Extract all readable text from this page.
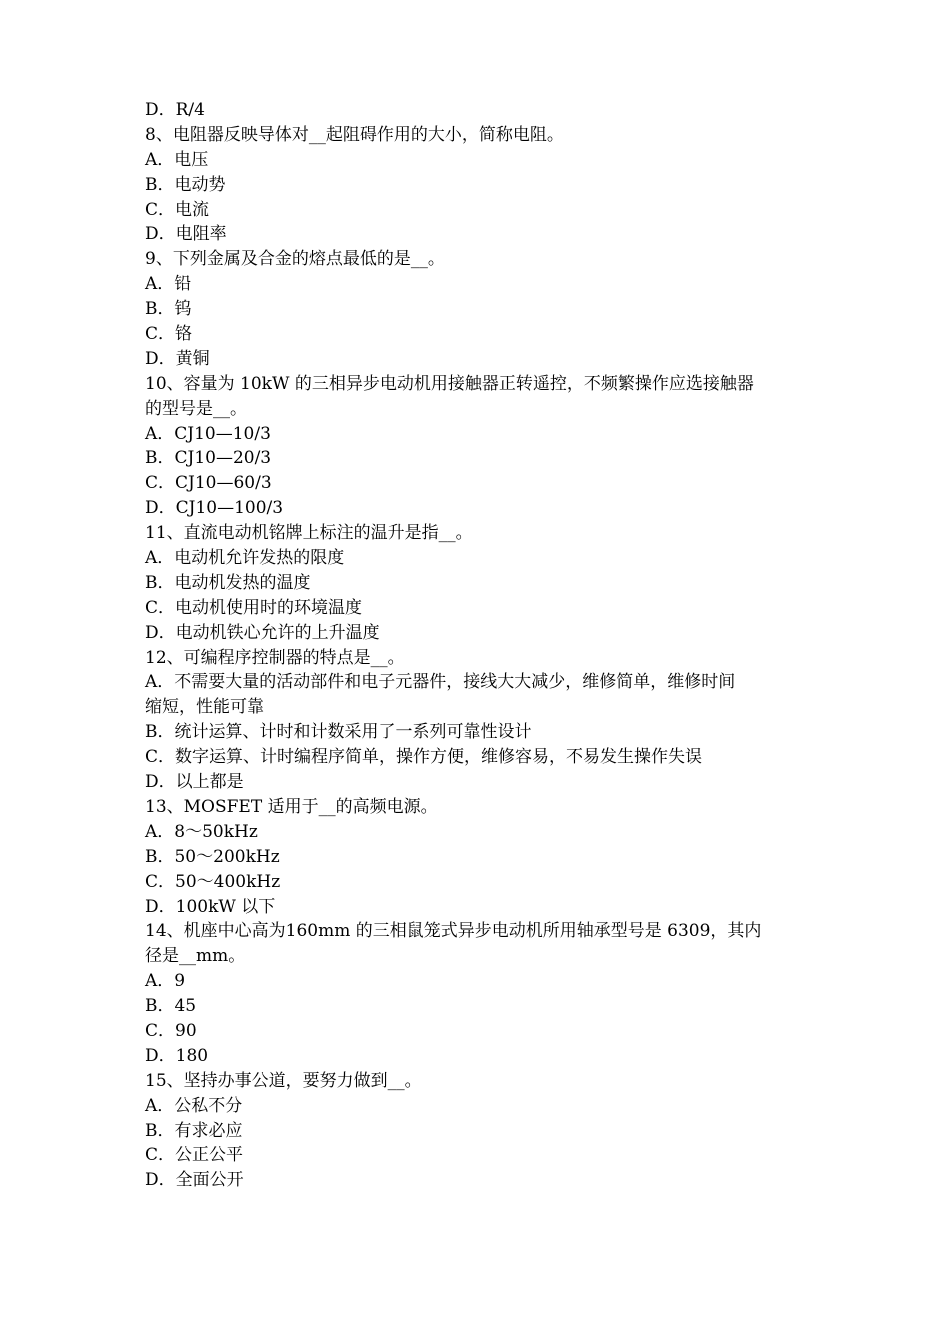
D．R/4
8、电阻器反映导体对__起阻碍作用的大小，简称电阻。
A．电压
B．电动势
C．电流
D．电阻率
9、下列金属及合金的熔点最低的是__。
A．铅
B．钨
C．铬
D．黄铜
10、容量为 10kW 的三相异步电动机用接触器正转遥控，不频繁操作应选接触器
的型号是__。
A．CJ10—10/3
B．CJ10—20/3
C．CJ10—60/3
D．CJ10—100/3
11、直流电动机铭牌上标注的温升是指__。
A．电动机允许发热的限度
B．电动机发热的温度
C．电动机使用时的环境温度
D．电动机铁心允许的上升温度
12、可编程序控制器的特点是__。
A．不需要大量的活动部件和电子元器件，接线大大减少，维修简单，维修时间
缩短，性能可靠
B．统计运算、计时和计数采用了一系列可靠性设计
C．数字运算、计时编程序简单，操作方便，维修容易，不易发生操作失误
D．以上都是
13、MOSFET 适用于__的高频电源。
A．8～50kHz
B．50～200kHz
C．50～400kHz
D．100kW 以下
14、机座中心高为160mm 的三相鼠笼式异步电动机所用轴承型号是 6309，其内
径是__mm。
A．9
B．45
C．90
D．180
15、坚持办事公道，要努力做到__。
A．公私不分
B．有求必应
C．公正公平
D．全面公开
